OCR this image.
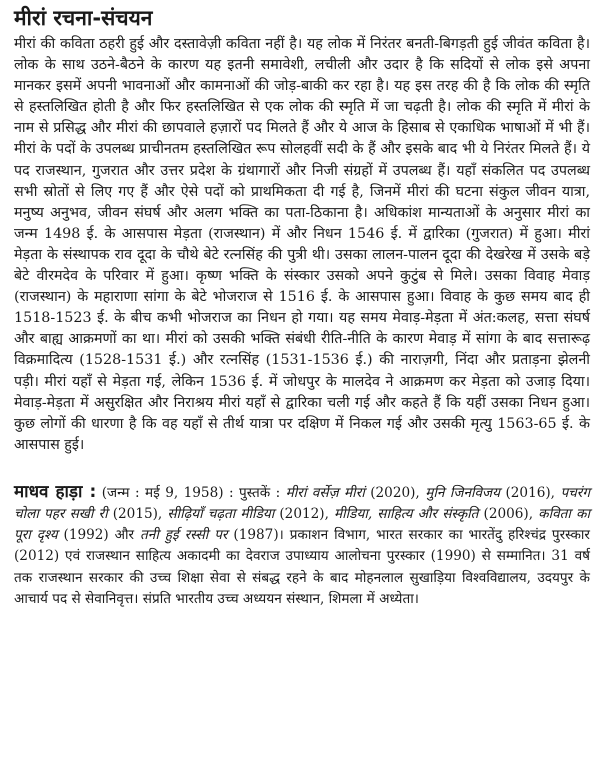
मीरां रचना-संचयन

मीरां की कविता ठहरी हुई और दस्तावेज़ी कविता नहीं है। यह लोक में निरंतर बनती-बिगड़ती हुई जीवंत कविता है। लोक के साथ उठने-बैठने के कारण यह इतनी समावेशी, लचीली और उदार है कि सदियों से लोक इसे अपना मानकर इसमें अपनी भावनाओं और कामनाओं की जोड़-बाकी कर रहा है। यह इस तरह की है कि लोक की स्मृति से हस्तलिखित होती है और फिर हस्तलिखित से एक लोक की स्मृति में जा चढ़ती है। लोक की स्मृति में मीरां के नाम से प्रसिद्ध और मीरां की छापवाले हज़ारों पद मिलते हैं और ये आज के हिसाब से एकाधिक भाषाओं में भी हैं। मीरां के पदों के उपलब्ध प्राचीनतम हस्तलिखित रूप सोलहवीं सदी के हैं और इसके बाद भी ये निरंतर मिलते हैं। ये पद राजस्थान, गुजरात और उत्तर प्रदेश के ग्रंथागारों और निजी संग्रहों में उपलब्ध हैं। यहाँ संकलित पद उपलब्ध सभी स्रोतों से लिए गए हैं और ऐसे पदों को प्राथमिकता दी गई है, जिनमें मीरां की घटना संकुल जीवन यात्रा, मनुष्य अनुभव, जीवन संघर्ष और अलग भक्ति का पता-ठिकाना है। अधिकांश मान्यताओं के अनुसार मीरां का जन्म 1498 ई. के आसपास मेड़ता (राजस्थान) में और निधन 1546 ई. में द्वारिका (गुजरात) में हुआ। मीरां मेड़ता के संस्थापक राव दूदा के चौथे बेटे रत्नसिंह की पुत्री थी। उसका लालन-पालन दूदा की देखरेख में उसके बड़े बेटे वीरमदेव के परिवार में हुआ। कृष्ण भक्ति के संस्कार उसको अपने कुटुंब से मिले। उसका विवाह मेवाड़ (राजस्थान) के महाराणा सांगा के बेटे भोजराज से 1516 ई. के आसपास हुआ। विवाह के कुछ समय बाद ही 1518-1523 ई. के बीच कभी भोजराज का निधन हो गया। यह समय मेवाड़-मेड़ता में अंत:कलह, सत्ता संघर्ष और बाह्य आक्रमणों का था। मीरां को उसकी भक्ति संबंधी रीति-नीति के कारण मेवाड़ में सांगा के बाद सत्तारूढ़ विक्रमादित्य (1528-1531 ई.) और रत्नसिंह (1531-1536 ई.) की नाराज़गी, निंदा और प्रताड़ना झेलनी पड़ी। मीरां यहाँ से मेड़ता गई, लेकिन 1536 ई. में जोधपुर के मालदेव ने आक्रमण कर मेड़ता को उजाड़ दिया। मेवाड़-मेड़ता में असुरक्षित और निराश्रय मीरां यहाँ से द्वारिका चली गई और कहते हैं कि यहीं उसका निधन हुआ। कुछ लोगों की धारणा है कि वह यहाँ से तीर्थ यात्रा पर दक्षिण में निकल गई और उसकी मृत्यु 1563-65 ई. के आसपास हुई।

माधव हाड़ा : (जन्म : मई 9, 1958) : पुस्तकें : मीरां वर्सेज़ मीरां (2020), मुनि जिनविजय (2016), पचरंग चोला पहर सखी री (2015), सीढ़ियाँ चढ़ता मीडिया (2012), मीडिया, साहित्य और संस्कृति (2006), कविता का पूरा दृश्य (1992) और तनी हुई रस्सी पर (1987)। प्रकाशन विभाग, भारत सरकार का भारतेंदु हरिश्चंद्र पुरस्कार (2012) एवं राजस्थान साहित्य अकादमी का देवराज उपाध्याय आलोचना पुरस्कार (1990) से सम्मानित। 31 वर्ष तक राजस्थान सरकार की उच्च शिक्षा सेवा से संबद्ध रहने के बाद मोहनलाल सुखाड़िया विश्वविद्यालय, उदयपुर के आचार्य पद से सेवानिवृत्त। संप्रति भारतीय उच्च अध्ययन संस्थान, शिमला में अध्येता।
